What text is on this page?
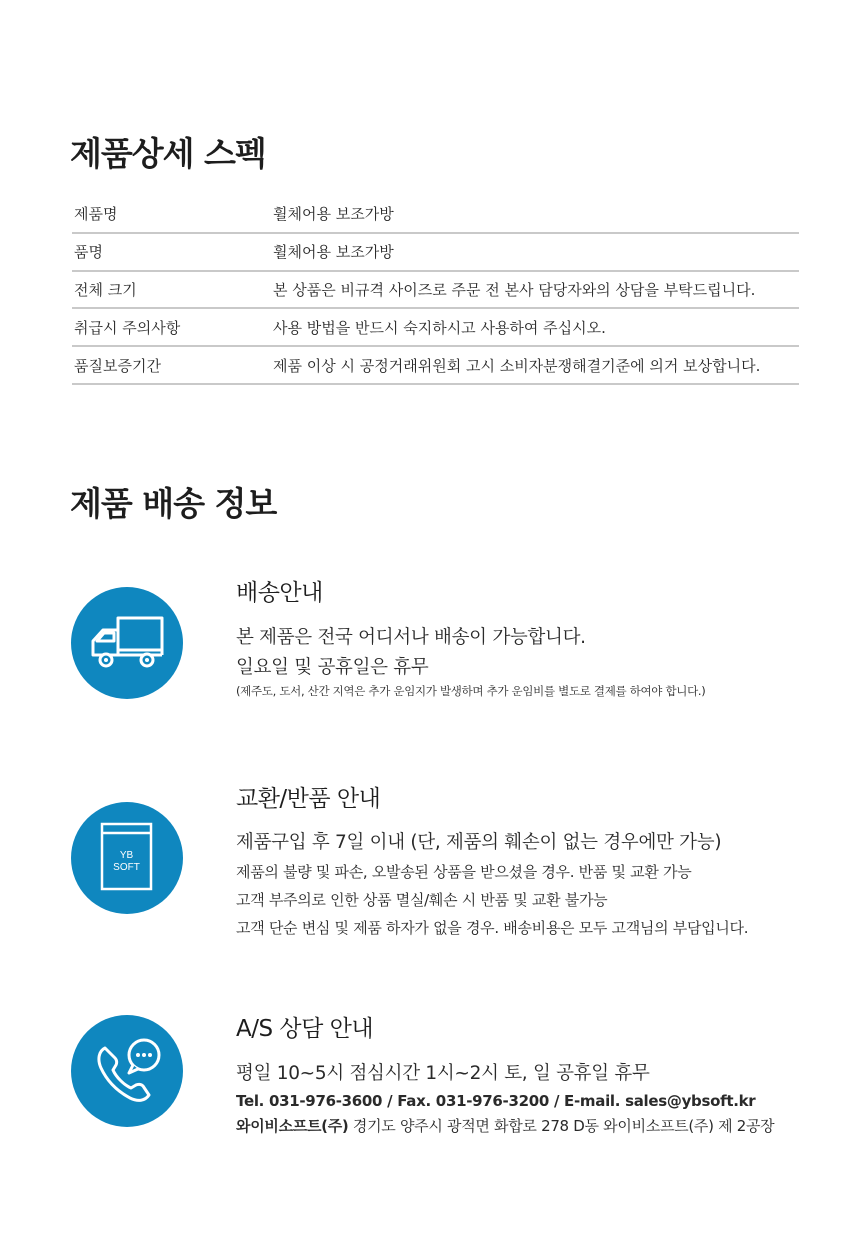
제품상세 스펙
제품명	휠체어용 보조가방
품명	휠체어용 보조가방
전체 크기	본 상품은 비규격 사이즈로 주문 전 본사 담당자와의 상담을 부탁드립니다.
취급시 주의사항	사용 방법을 반드시 숙지하시고 사용하여 주십시오.
품질보증기간	제품 이상 시 공정거래위원회 고시 소비자분쟁해결기준에 의거 보상합니다.
제품 배송 정보
배송안내
본 제품은 전국 어디서나 배송이 가능합니다.
일요일 및 공휴일은 휴무
(제주도, 도서, 산간 지역은 추가 운임지가 발생하며 추가 운임비를 별도로 결제를 하여야 합니다.)
YB
SOFT
교환/반품 안내
제품구입 후 7일 이내 (단, 제품의 훼손이 없는 경우에만 가능)
제품의 불량 및 파손, 오발송된 상품을 받으셨을 경우. 반품 및 교환 가능
고객 부주의로 인한 상품 멸실/훼손 시 반품 및 교환 불가능
고객 단순 변심 및 제품 하자가 없을 경우. 배송비용은 모두 고객님의 부담입니다.
A/S 상담 안내
평일 10~5시 점심시간 1시~2시 토, 일 공휴일 휴무
Tel. 031-976-3600 / Fax. 031-976-3200 / E-mail. sales@ybsoft.kr
와이비소프트(주) 경기도 양주시 광적면 화합로 278 D동 와이비소프트(주) 제 2공장
